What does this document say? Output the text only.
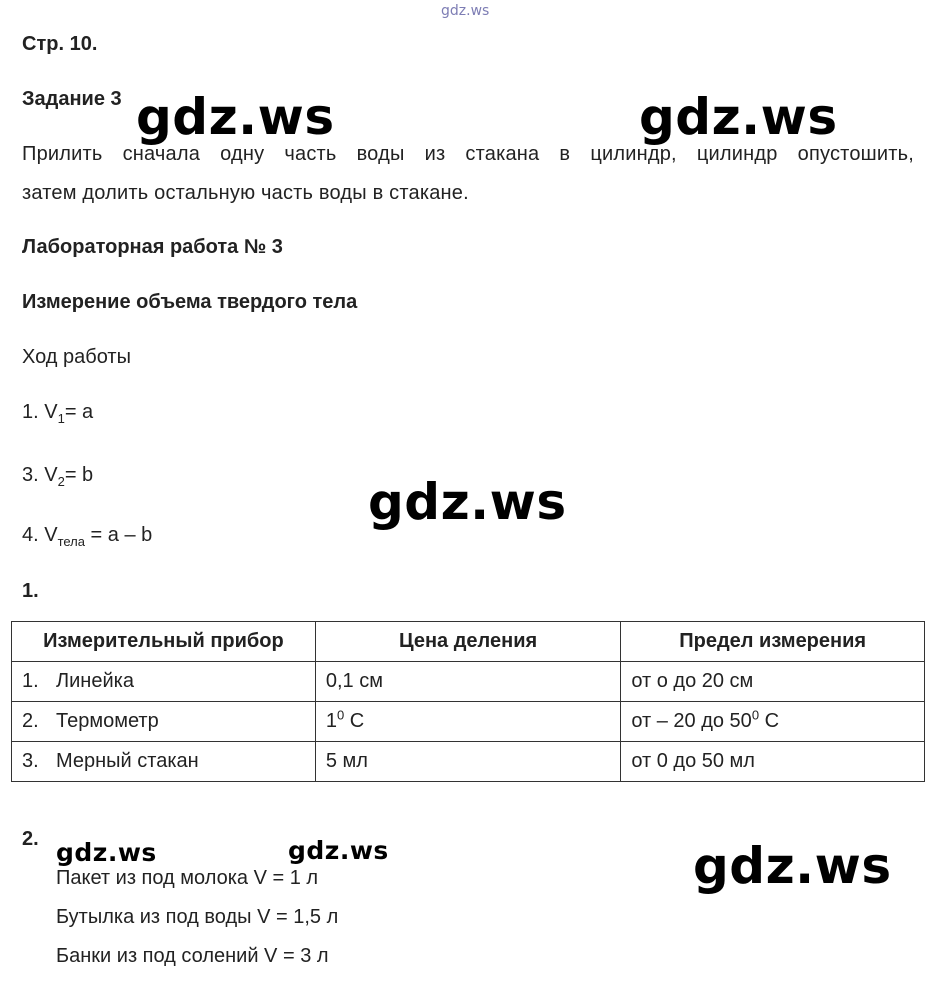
gdz.ws
Стр. 10.
Задание 3
Прилить сначала одну часть воды из стакана в цилиндр, цилиндр опустошить,
затем долить остальную часть воды в стакане.
Лабораторная работа № 3
Измерение объема твердого тела
Ход работы
1. $V_1= a$
3. $V_2= b$
4. $V_{тела} = a - b$
1.
Измерительный прибор	Цена деления	Предел измерения
1. Линейка	0,1 см	от о до 20 см
2. Термометр	$1^0$ С	от – 20 до $50^0$ С
3. Мерный стакан	5 мл	от 0 до 50 мл
2.
Пакет из под молока V = 1 л
Бутылка из под воды V = 1,5 л
Банки из под солений V = 3 л
gdz.ws	gdz.ws
gdz.ws
gdz.ws	gdz.ws	gdz.ws
